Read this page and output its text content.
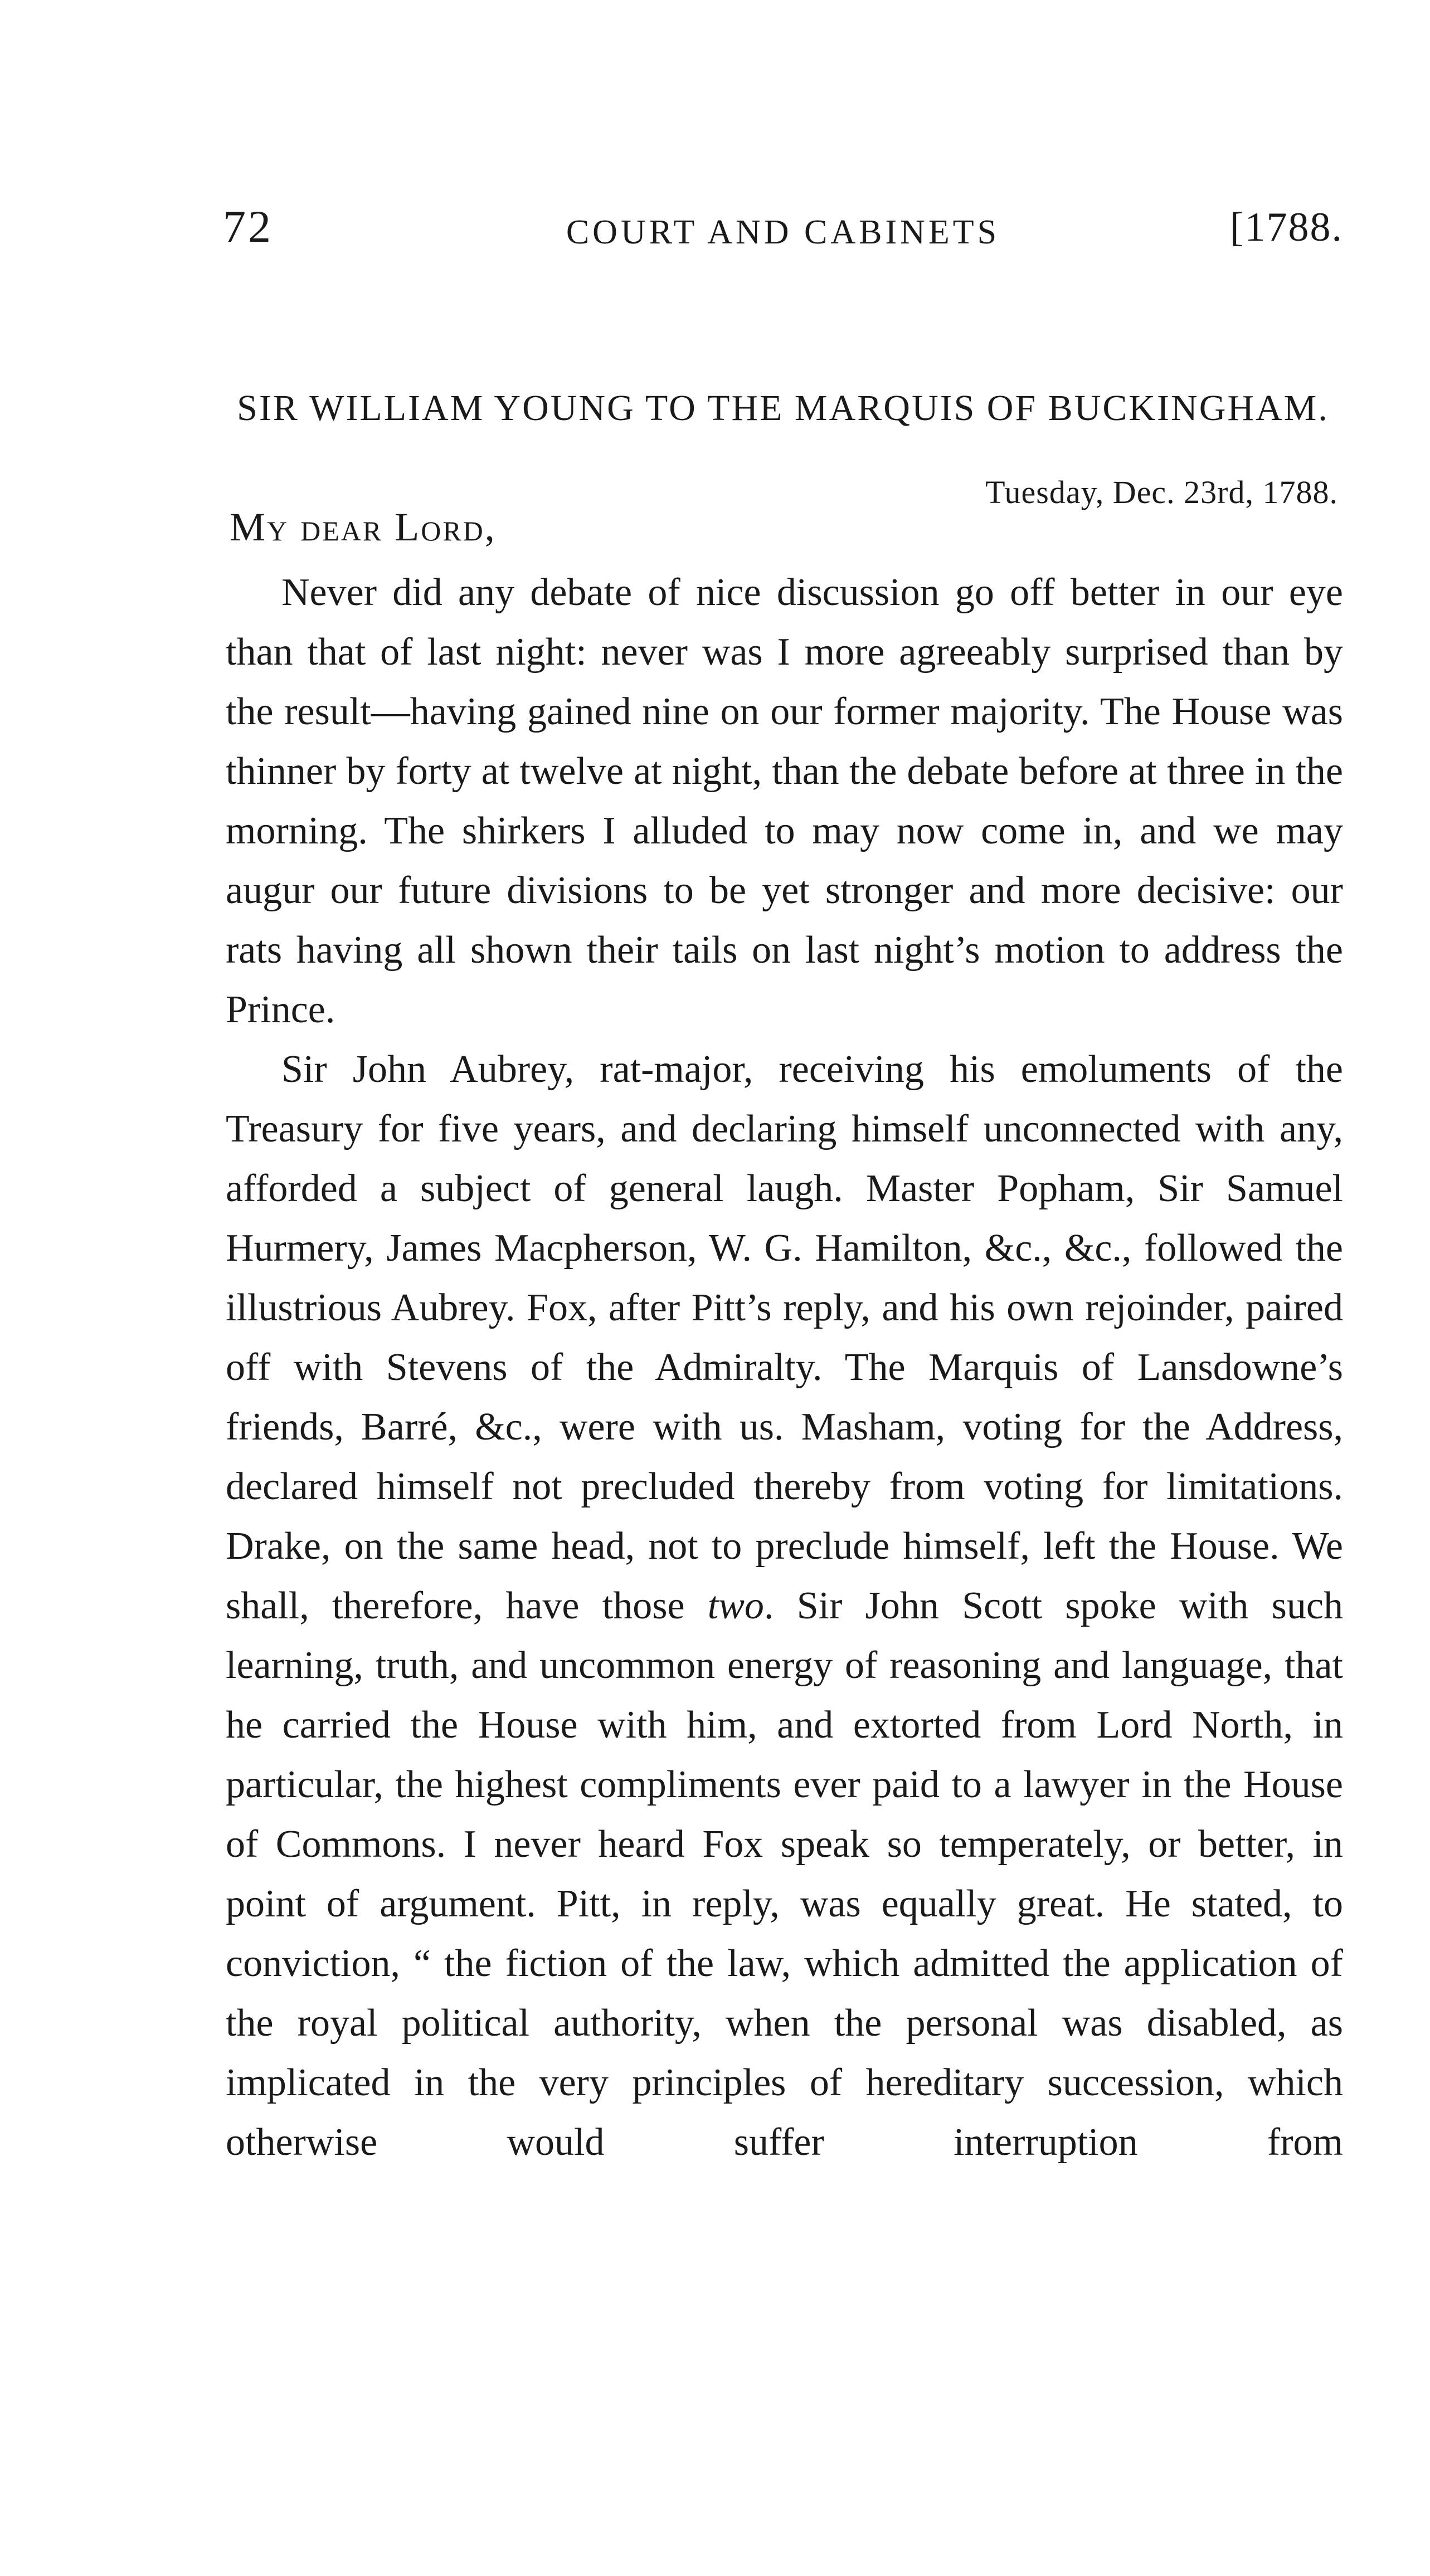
72	COURT AND CABINETS	[1788.
SIR WILLIAM YOUNG TO THE MARQUIS OF BUCKINGHAM.
Tuesday, Dec. 23rd, 1788.
My dear Lord,

Never did any debate of nice discussion go off better in our eye than that of last night: never was I more agreeably surprised than by the result—having gained nine on our former majority. The House was thinner by forty at twelve at night, than the debate before at three in the morning. The shirkers I alluded to may now come in, and we may augur our future divisions to be yet stronger and more decisive: our rats having all shown their tails on last night’s motion to address the Prince.

Sir John Aubrey, rat-major, receiving his emoluments of the Treasury for five years, and declaring himself unconnected with any, afforded a subject of general laugh. Master Popham, Sir Samuel Hurmery, James Macpherson, W. G. Hamilton, &c., &c., followed the illustrious Aubrey. Fox, after Pitt’s reply, and his own rejoinder, paired off with Stevens of the Admiralty. The Marquis of Lansdowne’s friends, Barré, &c., were with us. Masham, voting for the Address, declared himself not precluded thereby from voting for limitations. Drake, on the same head, not to preclude himself, left the House. We shall, therefore, have those two. Sir John Scott spoke with such learning, truth, and uncommon energy of reasoning and language, that he carried the House with him, and extorted from Lord North, in particular, the highest compliments ever paid to a lawyer in the House of Commons. I never heard Fox speak so temperately, or better, in point of argument. Pitt, in reply, was equally great. He stated, to conviction, “ the fiction of the law, which admitted the application of the royal political authority, when the personal was disabled, as implicated in the very principles of hereditary succession, which otherwise would suffer interruption from
